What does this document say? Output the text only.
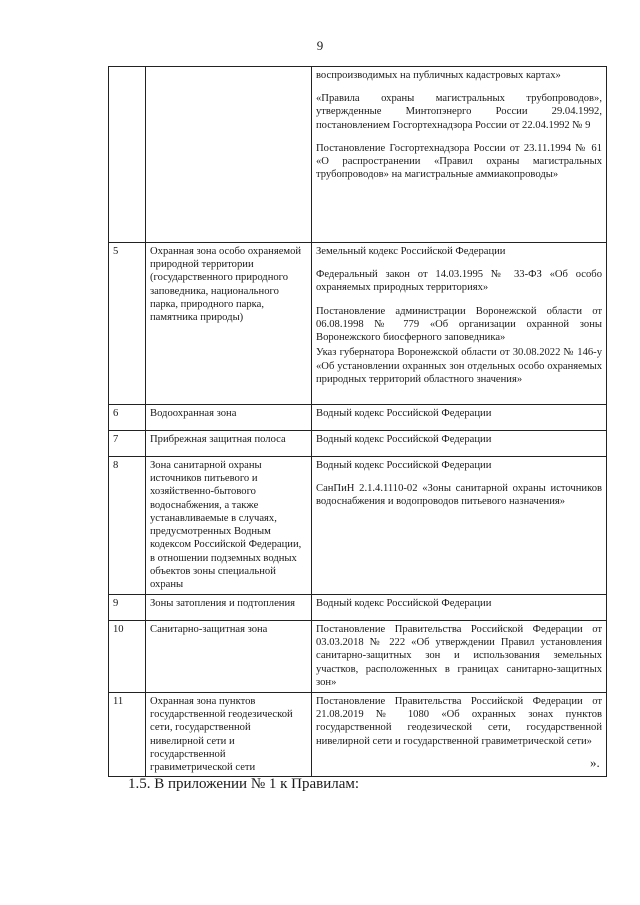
9

		воспроизводимых на публичных кадастровых картах»

«Правила охраны магистральных трубопроводов», утвержденные Минтопэнерго России 29.04.1992, постановлением Госгортехнадзора России от 22.04.1992 № 9

Постановление Госгортехнадзора России от 23.11.1994 № 61 «О распространении «Правил охраны магистральных трубопроводов» на магистральные аммиакопроводы»

5	Охранная зона особо охраняемой природной территории (государственного природного заповедника, национального парка, природного парка, памятника природы)	Земельный кодекс Российской Федерации

Федеральный закон от 14.03.1995 № 33-ФЗ «Об особо охраняемых природных территориях»

Постановление администрации Воронежской области от 06.08.1998 № 779 «Об организации охранной зоны Воронежского биосферного заповедника»

Указ губернатора Воронежской области от 30.08.2022 № 146-у «Об установлении охранных зон отдельных особо охраняемых природных территорий областного значения»

6	Водоохранная зона	Водный кодекс Российской Федерации

7	Прибрежная защитная полоса	Водный кодекс Российской Федерации

8	Зона санитарной охраны источников питьевого и хозяйственно-бытового водоснабжения, а также устанавливаемые в случаях, предусмотренных Водным кодексом Российской Федерации, в отношении подземных водных объектов зоны специальной охраны	Водный кодекс Российской Федерации

СанПиН 2.1.4.1110-02 «Зоны санитарной охраны источников водоснабжения и водопроводов питьевого назначения»

9	Зоны затопления и подтопления	Водный кодекс Российской Федерации

10	Санитарно-защитная зона	Постановление Правительства Российской Федерации от 03.03.2018 № 222 «Об утверждении Правил установления санитарно-защитных зон и использования земельных участков, расположенных в границах санитарно-защитных зон»

11	Охранная зона пунктов государственной геодезической сети, государственной нивелирной сети и государственной гравиметрической сети	Постановление Правительства Российской Федерации от 21.08.2019 № 1080 «Об охранных зонах пунктов государственной геодезической сети, государственной нивелирной сети и государственной гравиметрической сети»

».
1.5. В приложении № 1 к Правилам:
